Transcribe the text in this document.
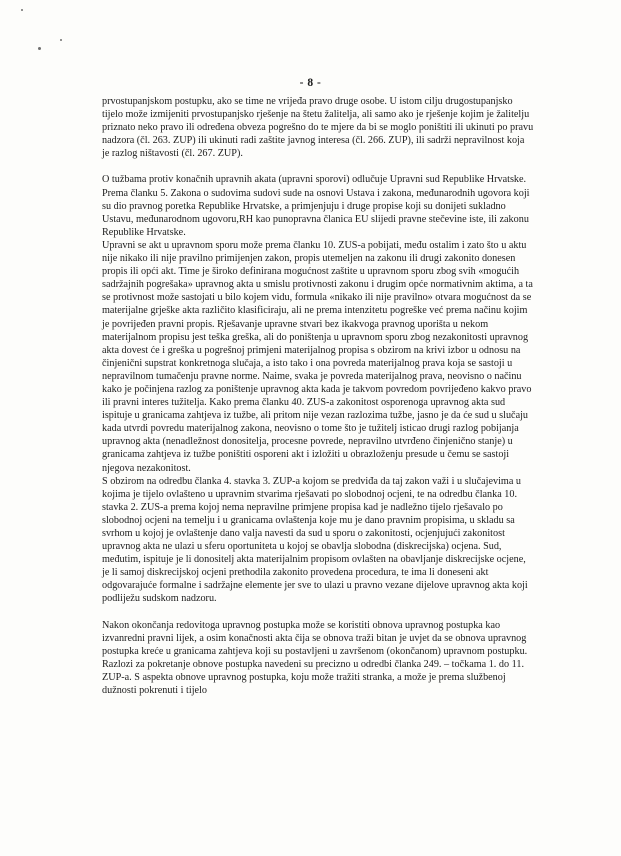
- 8 -

prvostupanjskom postupku, ako se time ne vrijeđa pravo druge osobe. U istom cilju drugostupanjsko tijelo može izmijeniti prvostupanjsko rješenje na štetu žalitelja, ali samo ako je rješenje kojim je žalitelju priznato neko pravo ili određena obveza pogrešno do te mjere da bi se moglo poništiti ili ukinuti po pravu nadzora (čl. 263. ZUP) ili ukinuti radi zaštite javnog interesa (čl. 266. ZUP), ili sadrži nepravilnost koja je razlog ništavosti (čl. 267. ZUP).

O tužbama protiv konačnih upravnih akata (upravni sporovi) odlučuje Upravni sud Republike Hrvatske. Prema članku 5. Zakona o sudovima sudovi sude na osnovi Ustava i zakona, međunarodnih ugovora koji su dio pravnog poretka Republike Hrvatske, a primjenjuju i druge propise koji su donijeti sukladno Ustavu, međunarodnom ugovoru,RH kao punopravna članica EU slijedi pravne stečevine iste, ili zakonu Republike Hrvatske.

Upravni se akt u upravnom sporu može prema članku 10. ZUS-a pobijati, među ostalim i zato što u aktu nije nikako ili nije pravilno primijenjen zakon, propis utemeljen na zakonu ili drugi zakonito donesen propis ili opći akt. Time je široko definirana mogućnost zaštite u upravnom sporu zbog svih «mogućih sadržajnih pogrešaka» upravnog akta u smislu protivnosti zakonu i drugim opće normativnim aktima, a ta se protivnost može sastojati u bilo kojem vidu, formula «nikako ili nije pravilno» otvara mogućnost da se materijalne grješke akta različito klasificiraju, ali ne prema intenzitetu pogreške već prema načinu kojim je povrijeđen pravni propis. Rješavanje upravne stvari bez ikakvoga pravnog uporišta u nekom materijalnom propisu jest teška greška, ali do poništenja u upravnom sporu zbog nezakonitosti upravnog akta dovest će i greška u pogrešnoj primjeni materijalnog propisa s obzirom na krivi izbor u odnosu na činjenični supstrat konkretnoga slučaja, a isto tako i ona povreda materijalnog prava koja se sastoji u nepravilnom tumačenju pravne norme. Naime, svaka je povreda materijalnog prava, neovisno o načinu kako je počinjena razlog za poništenje upravnog akta kada je takvom povredom povrijeđeno kakvo pravo ili pravni interes tužitelja. Kako prema članku 40. ZUS-a zakonitost osporenoga upravnog akta sud ispituje u granicama zahtjeva iz tužbe, ali pritom nije vezan razlozima tužbe, jasno je da će sud u slučaju kada utvrdi povredu materijalnog zakona, neovisno o tome što je tužitelj isticao drugi razlog pobijanja upravnog akta (nenadležnost donositelja, procesne povrede, nepravilno utvrđeno činjenično stanje) u granicama zahtjeva iz tužbe poništiti osporeni akt i izložiti u obrazloženju presude u čemu se sastoji njegova nezakonitost.

S obzirom na odredbu članka 4. stavka 3. ZUP-a kojom se predviđa da taj zakon važi i u slučajevima u kojima je tijelo ovlašteno u upravnim stvarima rješavati po slobodnoj ocjeni, te na odredbu članka 10. stavka 2. ZUS-a prema kojoj nema nepravilne primjene propisa kad je nadležno tijelo rješavalo po slobodnoj ocjeni na temelju i u granicama ovlaštenja koje mu je dano pravnim propisima, u skladu sa svrhom u kojoj je ovlaštenje dano valja navesti da sud u sporu o zakonitosti, ocjenjujući zakonitost upravnog akta ne ulazi u sferu oportuniteta u kojoj se obavlja slobodna (diskrecijska) ocjena. Sud, međutim, ispituje je li donositelj akta materijalnim propisom ovlašten na obavljanje diskrecijske ocjene, je li samoj diskrecijskoj ocjeni prethodila zakonito provedena procedura, te ima li doneseni akt odgovarajuće formalne i sadržajne elemente jer sve to ulazi u pravno vezane dijelove upravnog akta koji podliježu sudskom nadzoru.

Nakon okončanja redovitoga upravnog postupka može se koristiti obnova upravnog postupka kao izvanredni pravni lijek, a osim konačnosti akta čija se obnova traži bitan je uvjet da se obnova upravnog postupka kreće u granicama zahtjeva koji su postavljeni u završenom (okončanom) upravnom postupku. Razlozi za pokretanje obnove postupka navedeni su precizno u odredbi članka 249. – točkama 1. do 11. ZUP-a. S aspekta obnove upravnog postupka, koju može tražiti stranka, a može je prema službenoj dužnosti pokrenuti i tijelo
